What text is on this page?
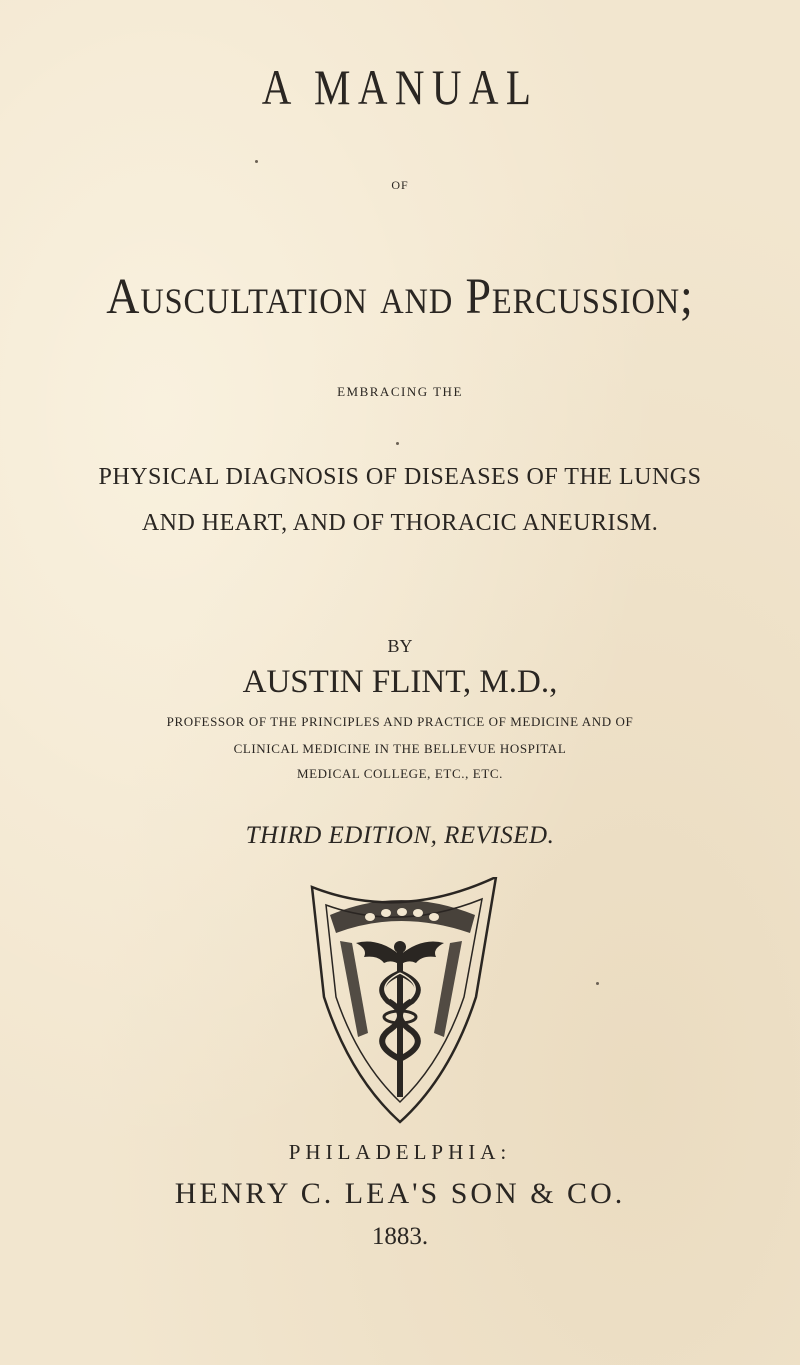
A MANUAL
OF
Auscultation and Percussion;
EMBRACING THE
PHYSICAL DIAGNOSIS OF DISEASES OF THE LUNGS
AND HEART, AND OF THORACIC ANEURISM.
BY
AUSTIN FLINT, M.D.,
PROFESSOR OF THE PRINCIPLES AND PRACTICE OF MEDICINE AND OF
CLINICAL MEDICINE IN THE BELLEVUE HOSPITAL
MEDICAL COLLEGE, ETC., ETC.
THIRD EDITION, REVISED.
PHILADELPHIA:
HENRY C. LEA'S SON & CO.
1883.
